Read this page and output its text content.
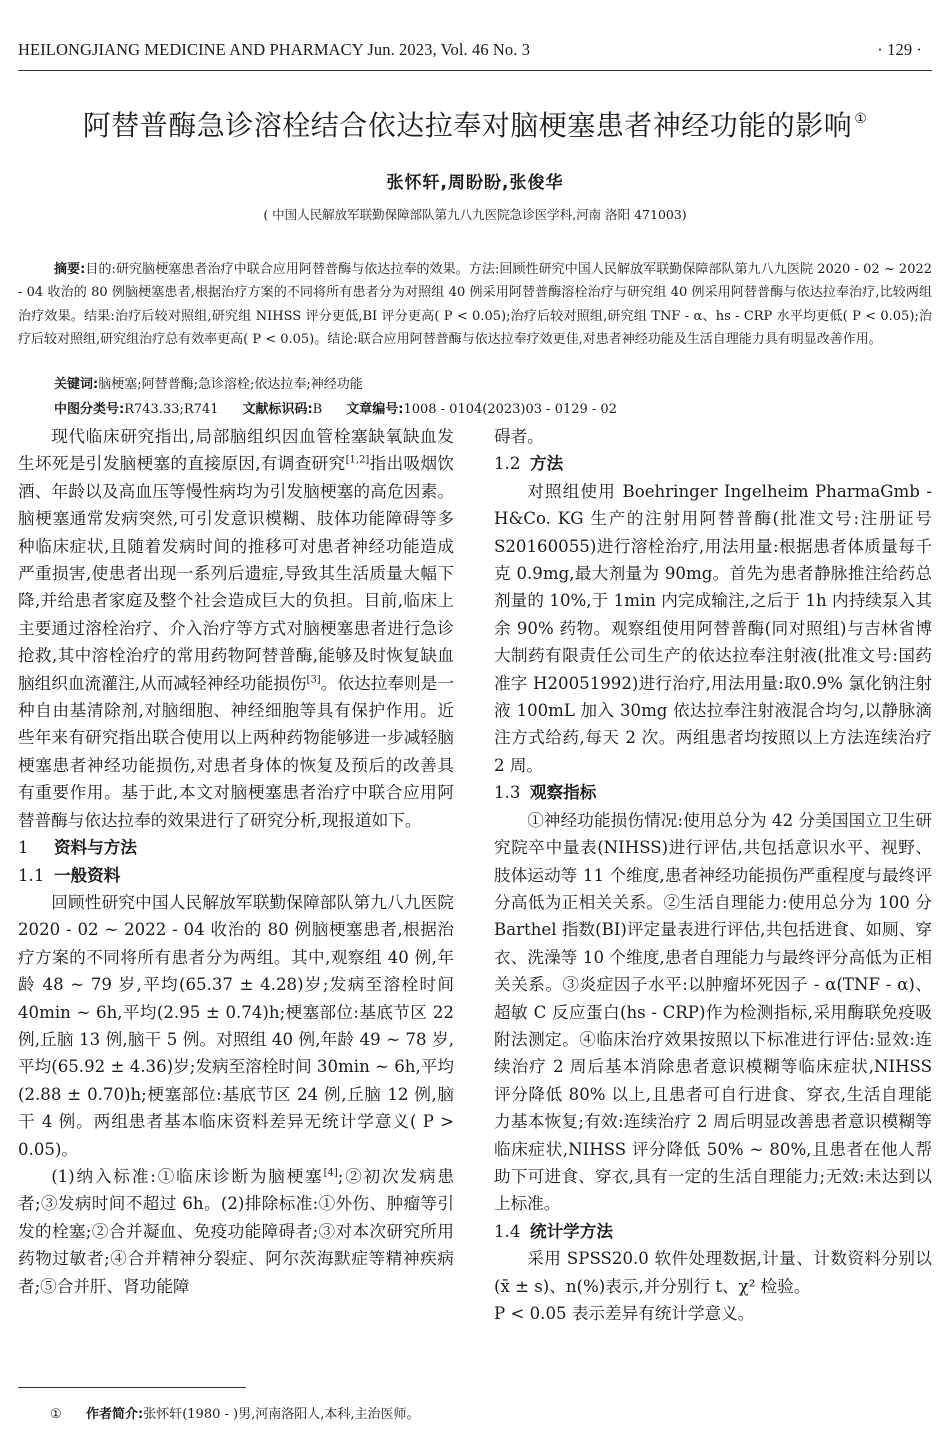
HEILONGJIANG MEDICINE AND PHARMACY Jun. 2023, Vol. 46 No. 3	· 129 ·
阿替普酶急诊溶栓结合依达拉奉对脑梗塞患者神经功能的影响 ①
张怀轩,周盼盼,张俊华
( 中国人民解放军联勤保障部队第九八九医院急诊医学科,河南 洛阳 471003)

摘要:目的:研究脑梗塞患者治疗中联合应用阿替普酶与依达拉奉的效果。方法:回顾性研究中国人民解放军联勤保障部队第九八九医院 2020 - 02 ~ 2022 - 04 收治的 80 例脑梗塞患者,根据治疗方案的不同将所有患者分为对照组 40 例采用阿替普酶溶栓治疗与研究组 40 例采用阿替普酶与依达拉奉治疗,比较两组治疗效果。结果:治疗后较对照组,研究组 NIHSS 评分更低,BI 评分更高( P < 0.05);治疗后较对照组,研究组 TNF - α、hs - CRP 水平均更低( P < 0.05);治疗后较对照组,研究组治疗总有效率更高( P < 0.05)。结论:联合应用阿替普酶与依达拉奉疗效更佳,对患者神经功能及生活自理能力具有明显改善作用。

关键词:脑梗塞;阿替普酶;急诊溶栓;依达拉奉;神经功能

中图分类号:R743.33;R741 文献标识码:B 文章编号:1008 - 0104(2023)03 - 0129 - 02

现代临床研究指出,局部脑组织因血管栓塞缺氧缺血发生坏死是引发脑梗塞的直接原因,有调查研究[1,2]指出吸烟饮酒、年龄以及高血压等慢性病均为引发脑梗塞的高危因素。脑梗塞通常发病突然,可引发意识模糊、肢体功能障碍等多种临床症状,且随着发病时间的推移可对患者神经功能造成严重损害,使患者出现一系列后遗症,导致其生活质量大幅下降,并给患者家庭及整个社会造成巨大的负担。目前,临床上主要通过溶栓治疗、介入治疗等方式对脑梗塞患者进行急诊抢救,其中溶栓治疗的常用药物阿替普酶,能够及时恢复缺血脑组织血流灌注,从而减轻神经功能损伤[3]。依达拉奉则是一种自由基清除剂,对脑细胞、神经细胞等具有保护作用。近些年来有研究指出联合使用以上两种药物能够进一步减轻脑梗塞患者神经功能损伤,对患者身体的恢复及预后的改善具有重要作用。基于此,本文对脑梗塞患者治疗中联合应用阿替普酶与依达拉奉的效果进行了研究分析,现报道如下。

1 资料与方法
1.1 一般资料

回顾性研究中国人民解放军联勤保障部队第九八九医院 2020 - 02 ~ 2022 - 04 收治的 80 例脑梗塞患者,根据治疗方案的不同将所有患者分为两组。其中,观察组 40 例,年龄 48 ~ 79 岁,平均(65.37 ± 4.28)岁;发病至溶栓时间 40min ~ 6h,平均(2.95 ± 0.74)h;梗塞部位:基底节区 22 例,丘脑 13 例,脑干 5 例。对照组 40 例,年龄 49 ~ 78 岁,平均(65.92 ± 4.36)岁;发病至溶栓时间 30min ~ 6h,平均(2.88 ± 0.70)h;梗塞部位:基底节区 24 例,丘脑 12 例,脑干 4 例。两组患者基本临床资料差异无统计学意义( P > 0.05)。

(1)纳入标准:①临床诊断为脑梗塞[4];②初次发病患者;③发病时间不超过 6h。(2)排除标准:①外伤、肿瘤等引发的栓塞;②合并凝血、免疫功能障碍者;③对本次研究所用药物过敏者;④合并精神分裂症、阿尔茨海默症等精神疾病者;⑤合并肝、肾功能障

碍者。

1.2 方法

对照组使用 Boehringer Ingelheim PharmaGmb - H&Co. KG 生产的注射用阿替普酶(批准文号:注册证号 S20160055)进行溶栓治疗,用法用量:根据患者体质量每千克 0.9mg,最大剂量为 90mg。首先为患者静脉推注给药总剂量的 10%,于 1min 内完成输注,之后于 1h 内持续泵入其余 90% 药物。观察组使用阿替普酶(同对照组)与吉林省博大制药有限责任公司生产的依达拉奉注射液(批准文号:国药准字 H20051992)进行治疗,用法用量:取0.9% 氯化钠注射液 100mL 加入 30mg 依达拉奉注射液混合均匀,以静脉滴注方式给药,每天 2 次。两组患者均按照以上方法连续治疗 2 周。

1.3 观察指标

①神经功能损伤情况:使用总分为 42 分美国国立卫生研究院卒中量表(NIHSS)进行评估,共包括意识水平、视野、肢体运动等 11 个维度,患者神经功能损伤严重程度与最终评分高低为正相关关系。②生活自理能力:使用总分为 100 分 Barthel 指数(BI)评定量表进行评估,共包括进食、如厕、穿衣、洗澡等 10 个维度,患者自理能力与最终评分高低为正相关关系。③炎症因子水平:以肿瘤坏死因子 - α(TNF - α)、超敏 C 反应蛋白(hs - CRP)作为检测指标,采用酶联免疫吸附法测定。④临床治疗效果按照以下标准进行评估:显效:连续治疗 2 周后基本消除患者意识模糊等临床症状,NIHSS 评分降低 80% 以上,且患者可自行进食、穿衣,生活自理能力基本恢复;有效:连续治疗 2 周后明显改善患者意识模糊等临床症状,NIHSS 评分降低 50% ~ 80%,且患者在他人帮助下可进食、穿衣,具有一定的生活自理能力;无效:未达到以上标准。

1.4 统计学方法

采用 SPSS20.0 软件处理数据,计量、计数资料分别以(x̄ ± s)、n(%)表示,并分别行 t、χ² 检验。

P < 0.05 表示差异有统计学意义。

① 作者简介:张怀轩(1980 - )男,河南洛阳人,本科,主治医师。
